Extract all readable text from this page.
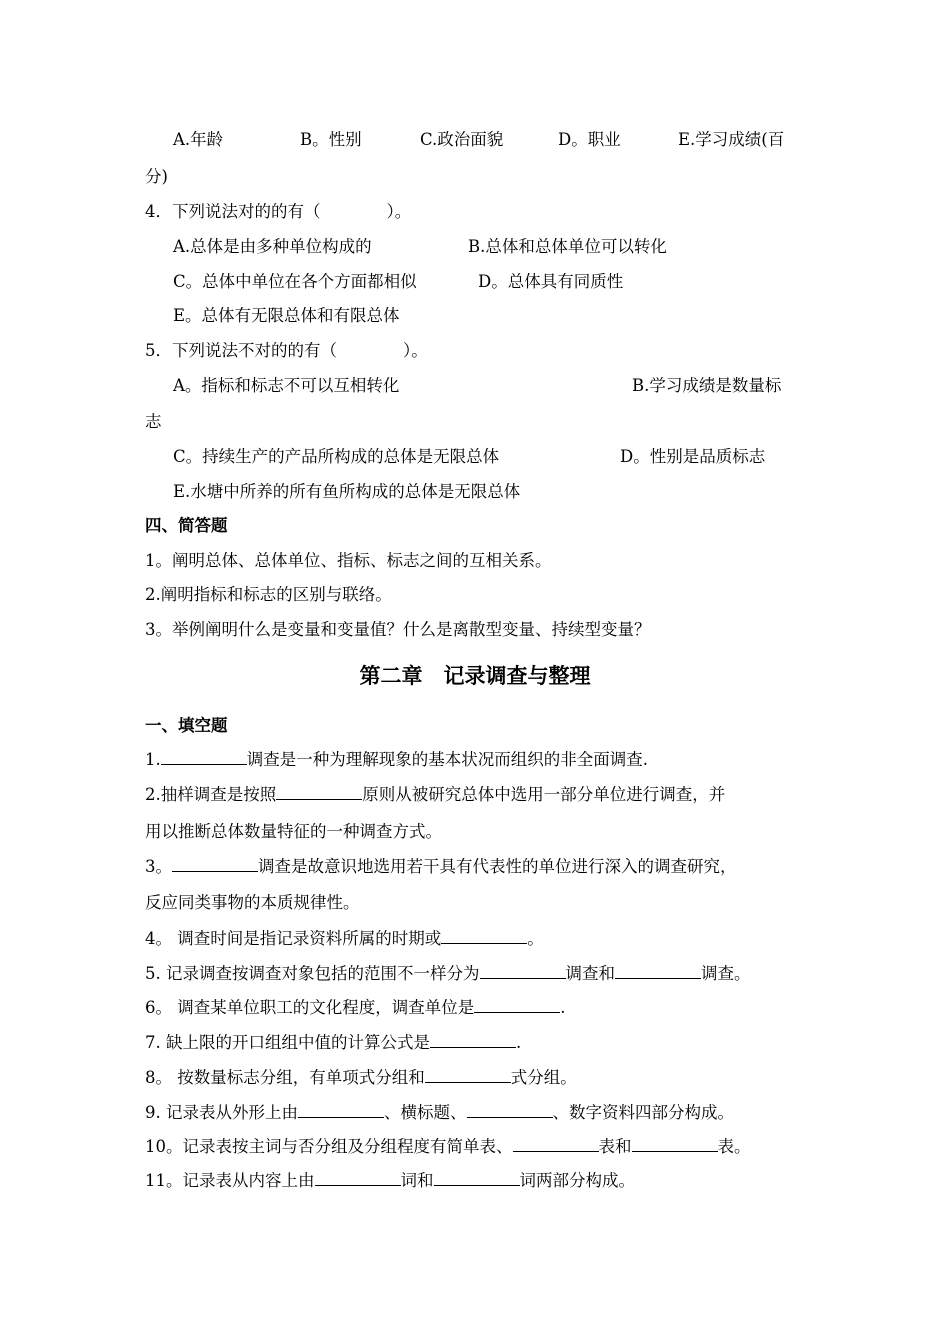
A.年龄	B。性别	C.政治面貌	D。职业	E.学习成绩(百
分)
4．下列说法对的的有（　　　　）。
A.总体是由多种单位构成的	B.总体和总体单位可以转化
C。总体中单位在各个方面都相似	D。总体具有同质性
E。总体有无限总体和有限总体
5．下列说法不对的的有（　　　　）。
A。指标和标志不可以互相转化	B.学习成绩是数量标
志
C。持续生产的产品所构成的总体是无限总体	D。性别是品质标志
E.水塘中所养的所有鱼所构成的总体是无限总体
四、简答题
1。阐明总体、总体单位、指标、标志之间的互相关系。
2.阐明指标和标志的区别与联络。
3。举例阐明什么是变量和变量值？什么是离散型变量、持续型变量？
第二章　记录调查与整理
一、填空题
1.	调查是一种为理解现象的基本状况而组织的非全面调查.
2.抽样调查是按照	原则从被研究总体中选用一部分单位进行调查，并
用以推断总体数量特征的一种调查方式。
3。	调查是故意识地选用若干具有代表性的单位进行深入的调查研究，
反应同类事物的本质规律性。
4。 调查时间是指记录资料所属的时期或	。
5. 记录调查按调查对象包括的范围不一样分为	调查和	调查。
6。 调查某单位职工的文化程度，调查单位是	.
7. 缺上限的开口组组中值的计算公式是	.
8。 按数量标志分组，有单项式分组和	式分组。
9. 记录表从外形上由	、横标题、	、数字资料四部分构成。
10。记录表按主词与否分组及分组程度有简单表、	表和	表。
11。记录表从内容上由	词和	词两部分构成。
